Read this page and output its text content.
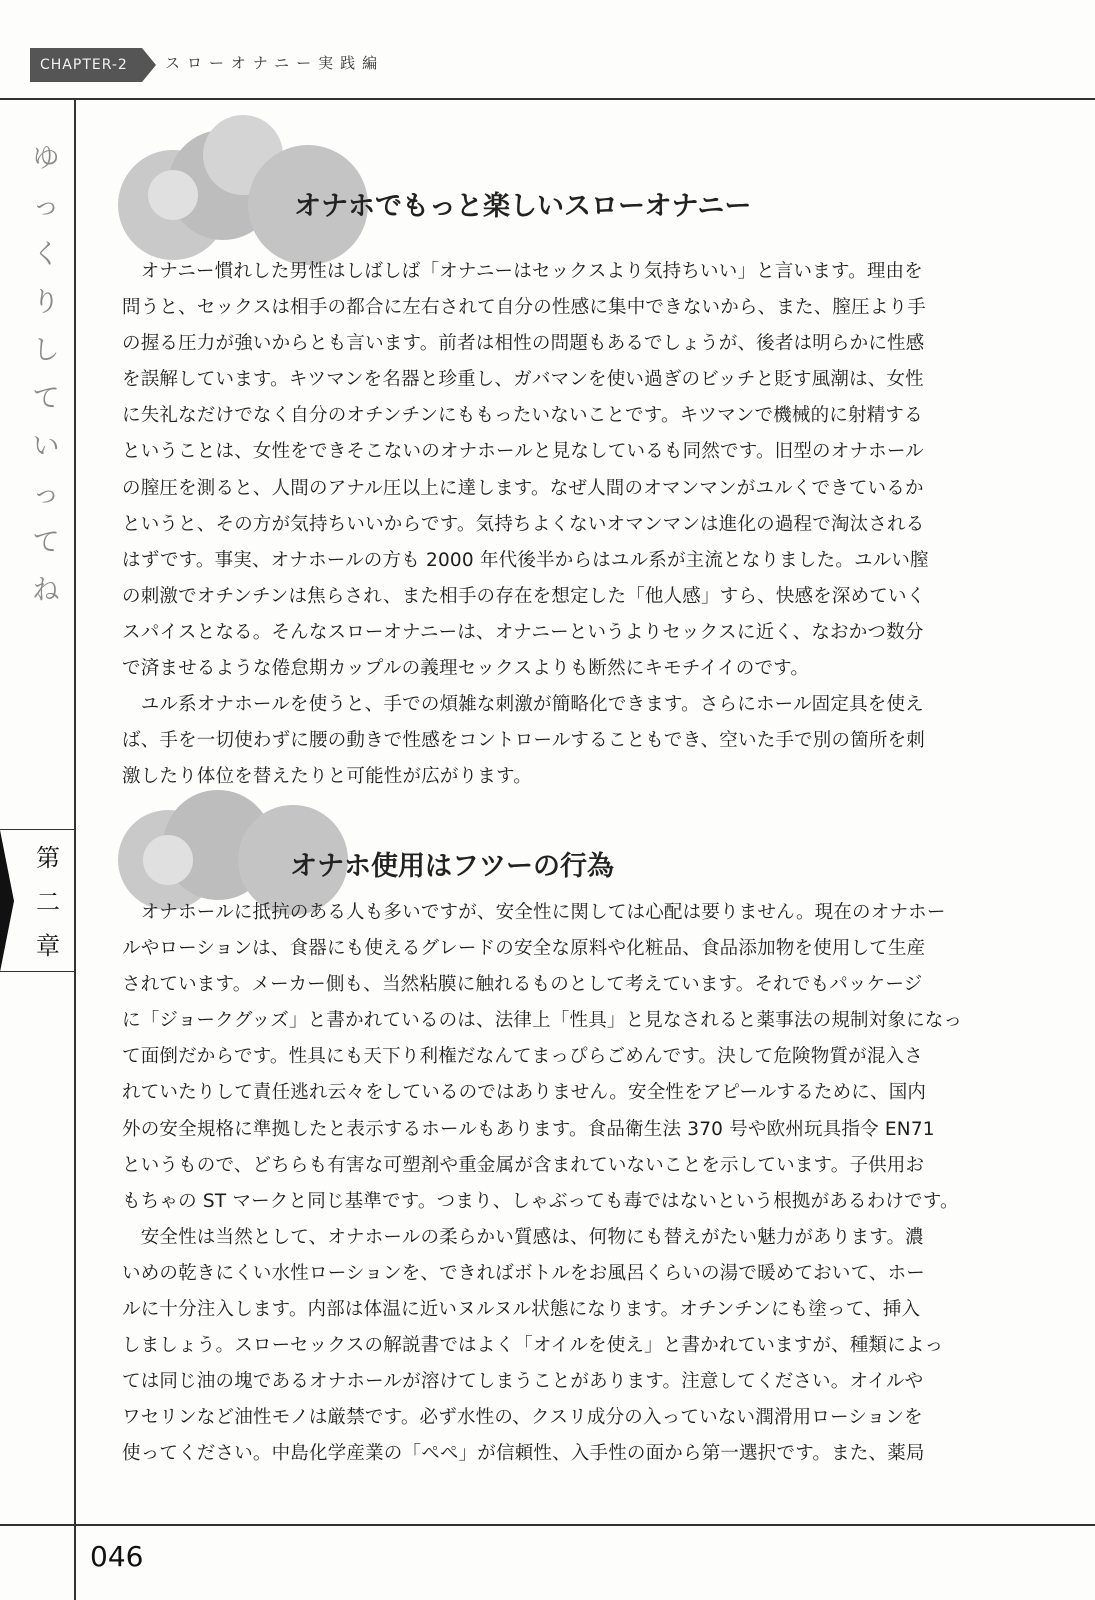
CHAPTER-2	スローオナニー実践編
ゆ
っ
く
り
し
て
い
っ
て
ね
第
二
章
オナホでもっと楽しいスローオナニー
　オナニー慣れした男性はしばしば「オナニーはセックスより気持ちいい」と言います。理由を
問うと、セックスは相手の都合に左右されて自分の性感に集中できないから、また、膣圧より手
の握る圧力が強いからとも言います。前者は相性の問題もあるでしょうが、後者は明らかに性感
を誤解しています。キツマンを名器と珍重し、ガバマンを使い過ぎのビッチと貶す風潮は、女性
に失礼なだけでなく自分のオチンチンにももったいないことです。キツマンで機械的に射精する
ということは、女性をできそこないのオナホールと見なしているも同然です。旧型のオナホール
の膣圧を測ると、人間のアナル圧以上に達します。なぜ人間のオマンマンがユルくできているか
というと、その方が気持ちいいからです。気持ちよくないオマンマンは進化の過程で淘汰される
はずです。事実、オナホールの方も 2000 年代後半からはユル系が主流となりました。ユルい膣
の刺激でオチンチンは焦らされ、また相手の存在を想定した「他人感」すら、快感を深めていく
スパイスとなる。そんなスローオナニーは、オナニーというよりセックスに近く、なおかつ数分
で済ませるような倦怠期カップルの義理セックスよりも断然にキモチイイのです。
　ユル系オナホールを使うと、手での煩雑な刺激が簡略化できます。さらにホール固定具を使え
ば、手を一切使わずに腰の動きで性感をコントロールすることもでき、空いた手で別の箇所を刺
激したり体位を替えたりと可能性が広がります。
オナホ使用はフツーの行為
　オナホールに抵抗のある人も多いですが、安全性に関しては心配は要りません。現在のオナホー
ルやローションは、食器にも使えるグレードの安全な原料や化粧品、食品添加物を使用して生産
されています。メーカー側も、当然粘膜に触れるものとして考えています。それでもパッケージ
に「ジョークグッズ」と書かれているのは、法律上「性具」と見なされると薬事法の規制対象になっ
て面倒だからです。性具にも天下り利権だなんてまっぴらごめんです。決して危険物質が混入さ
れていたりして責任逃れ云々をしているのではありません。安全性をアピールするために、国内
外の安全規格に準拠したと表示するホールもあります。食品衛生法 370 号や欧州玩具指令 EN71
というもので、どちらも有害な可塑剤や重金属が含まれていないことを示しています。子供用お
もちゃの ST マークと同じ基準です。つまり、しゃぶっても毒ではないという根拠があるわけです。
　安全性は当然として、オナホールの柔らかい質感は、何物にも替えがたい魅力があります。濃
いめの乾きにくい水性ローションを、できればボトルをお風呂くらいの湯で暖めておいて、ホー
ルに十分注入します。内部は体温に近いヌルヌル状態になります。オチンチンにも塗って、挿入
しましょう。スローセックスの解説書ではよく「オイルを使え」と書かれていますが、種類によっ
ては同じ油の塊であるオナホールが溶けてしまうことがあります。注意してください。オイルや
ワセリンなど油性モノは厳禁です。必ず水性の、クスリ成分の入っていない潤滑用ローションを
使ってください。中島化学産業の「ペペ」が信頼性、入手性の面から第一選択です。また、薬局
046
